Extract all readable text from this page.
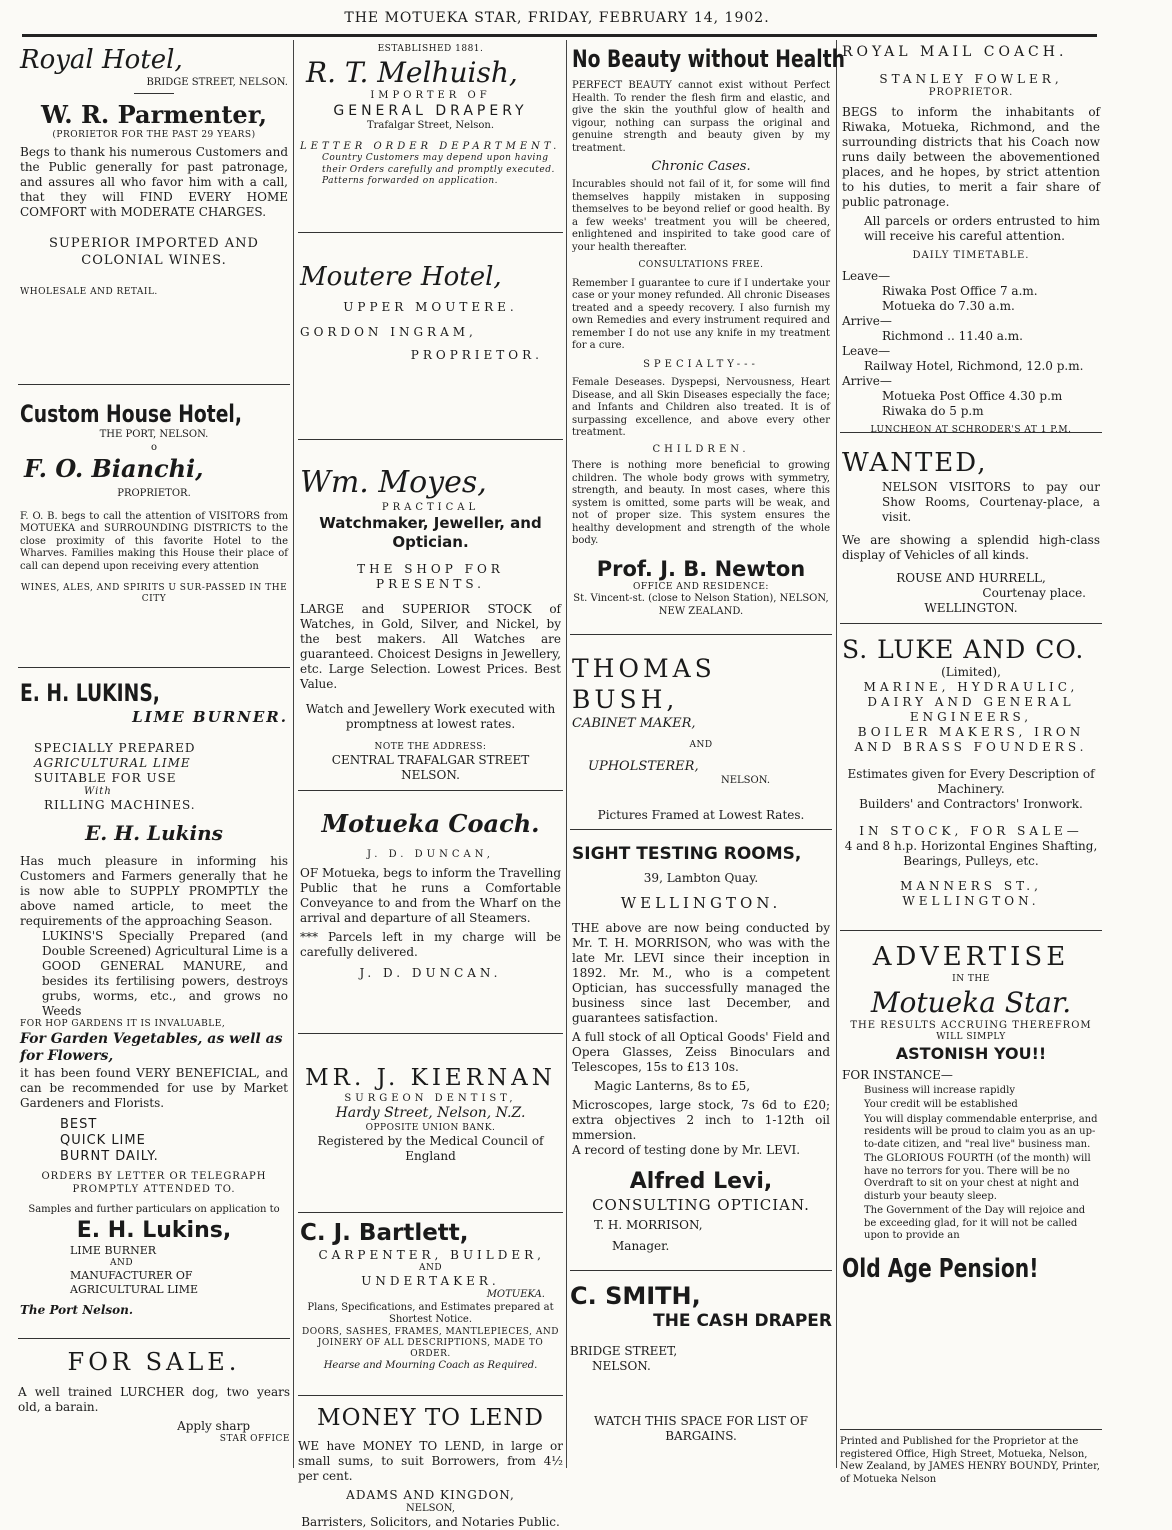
THE MOTUEKA STAR, FRIDAY, FEBRUARY 14, 1902.
Royal Hotel,
BRIDGE STREET, NELSON.
W. R. Parmenter,
(PRORIETOR FOR THE PAST 29 YEARS)
Begs to thank his numerous Customers and the Public generally for past patronage, and assures all who favor him with a call, that they will FIND EVERY HOME COMFORT with MODERATE CHARGES.
SUPERIOR IMPORTED AND COLONIAL WINES.
WHOLESALE AND RETAIL.
Custom House Hotel,
THE PORT, NELSON.
o
F. O. Bianchi,
PROPRIETOR.
F. O. B. begs to call the attention of VISITORS from MOTUEKA and SURROUNDING DISTRICTS to the close proximity of this favorite Hotel to the Wharves. Families making this House their place of call can depend upon receiving every attention
WINES, ALES, AND SPIRITS U SUR-PASSED IN THE CITY
E. H. LUKINS,
LIME BURNER.
SPECIALLY PREPARED
AGRICULTURAL LIME
SUITABLE FOR USE
With
RILLING MACHINES.
E. H. Lukins
Has much pleasure in informing his Customers and Farmers generally that he is now able to SUPPLY PROMPTLY the above named article, to meet the requirements of the approaching Season.
LUKINS'S Specially Prepared (and Double Screened) Agricultural Lime is a GOOD GENERAL MANURE, and besides its fertilising powers, destroys grubs, worms, etc., and grows no Weeds
FOR HOP GARDENS IT IS INVALUABLE,
For Garden Vegetables, as well as for Flowers,
it has been found VERY BENEFICIAL, and can be recommended for use by Market Gardeners and Florists.
BEST
QUICK LIME
BURNT DAILY.
ORDERS BY LETTER OR TELEGRAPH PROMPTLY ATTENDED TO.
Samples and further particulars on application to
E. H. Lukins,
LIME BURNER
AND
MANUFACTURER OF
AGRICULTURAL LIME
The Port Nelson.
FOR SALE.
A well trained LURCHER dog, two years old, a barain.
Apply sharp
STAR OFFICE
ESTABLISHED 1881.
R. T. Melhuish,
IMPORTER OF
GENERAL DRAPERY
Trafalgar Street, Nelson.
LETTER ORDER DEPARTMENT.
Country Customers may depend upon having their Orders carefully and promptly executed. Patterns forwarded on application.
Moutere Hotel,
UPPER MOUTERE.
GORDON INGRAM,
PROPRIETOR.
Wm. Moyes,
PRACTICAL
Watchmaker, Jeweller, and Optician.
THE SHOP FOR PRESENTS.
LARGE and SUPERIOR STOCK of Watches, in Gold, Silver, and Nickel, by the best makers. All Watches are guaranteed. Choicest Designs in Jewellery, etc. Large Selection. Lowest Prices. Best Value.
Watch and Jewellery Work executed with promptness at lowest rates.
NOTE THE ADDRESS:
CENTRAL TRAFALGAR STREET
NELSON.
Motueka Coach.
J. D. DUNCAN,
OF Motueka, begs to inform the Travelling Public that he runs a Comfortable Conveyance to and from the Wharf on the arrival and departure of all Steamers.
*** Parcels left in my charge will be carefully delivered.
J. D. DUNCAN.
MR. J. KIERNAN
SURGEON DENTIST,
Hardy Street, Nelson, N.Z.
OPPOSITE UNION BANK.
Registered by the Medical Council of England
C. J. Bartlett,
CARPENTER, BUILDER,
AND
UNDERTAKER.
MOTUEKA.
Plans, Specifications, and Estimates prepared at Shortest Notice.
DOORS, SASHES, FRAMES, MANTLEPIECES, AND JOINERY OF ALL DESCRIPTIONS, MADE TO ORDER.
Hearse and Mourning Coach as Required.
MONEY TO LEND
WE have MONEY TO LEND, in large or small sums, to suit Borrowers, from 4½ per cent.
ADAMS AND KINGDON,
NELSON,
Barristers, Solicitors, and Notaries Public.
No Beauty without Health
PERFECT BEAUTY cannot exist without Perfect Health. To render the flesh firm and elastic, and give the skin the youthful glow of health and vigour, nothing can surpass the original and genuine strength and beauty given by my treatment.
Chronic Cases.
Incurables should not fail of it, for some will find themselves happily mistaken in supposing themselves to be beyond relief or good health. By a few weeks' treatment you will be cheered, enlightened and inspirited to take good care of your health thereafter.
CONSULTATIONS FREE.
Remember I guarantee to cure if I undertake your case or your money refunded. All chronic Diseases treated and a speedy recovery. I also furnish my own Remedies and every instrument required and remember I do not use any knife in my treatment for a cure.
SPECIALTY---
Female Deseases. Dyspepsi, Nervousness, Heart Disease, and all Skin Diseases especially the face; and Infants and Children also treated. It is of surpassing excellence, and above every other treatment.
CHILDREN.
There is nothing more beneficial to growing children. The whole body grows with symmetry, strength, and beauty. In most cases, where this system is omitted, some parts will be weak, and not of proper size. This system ensures the healthy development and strength of the whole body.
Prof. J. B. Newton
OFFICE AND RESIDENCE:
St. Vincent-st. (close to Nelson Station), NELSON, NEW ZEALAND.
THOMAS BUSH,
CABINET MAKER,
AND
UPHOLSTERER,
NELSON.
Pictures Framed at Lowest Rates.
SIGHT TESTING ROOMS,
39, Lambton Quay.
WELLINGTON.
THE above are now being conducted by Mr. T. H. MORRISON, who was with the late Mr. LEVI since their inception in 1892. Mr. M., who is a competent Optician, has successfully managed the business since last December, and guarantees satisfaction.
A full stock of all Optical Goods' Field and Opera Glasses, Zeiss Binoculars and Telescopes, 15s to £13 10s.
Magic Lanterns, 8s to £5,
Microscopes, large stock, 7s 6d to £20; extra objectives 2 inch to 1-12th oil mmersion.
A record of testing done by Mr. LEVI.
Alfred Levi,
CONSULTING OPTICIAN.
T. H. MORRISON,
Manager.
C. SMITH,
THE CASH DRAPER
BRIDGE STREET,
NELSON.
WATCH THIS SPACE FOR LIST OF BARGAINS.
ROYAL MAIL COACH.
STANLEY FOWLER,
PROPRIETOR.
BEGS to inform the inhabitants of Riwaka, Motueka, Richmond, and the surrounding districts that his Coach now runs daily between the abovementioned places, and he hopes, by strict attention to his duties, to merit a fair share of public patronage.
All parcels or orders entrusted to him will receive his careful attention.
DAILY TIMETABLE.
Leave—
Riwaka Post Office 7 a.m.
Motueka do 7.30 a.m.
Arrive—
Richmond .. 11.40 a.m.
Leave—
Railway Hotel, Richmond, 12.0 p.m.
Arrive—
Motueka Post Office 4.30 p.m
Riwaka do 5 p.m
LUNCHEON AT SCHRODER'S AT 1 P.M.
WANTED,
NELSON VISITORS to pay our Show Rooms, Courtenay-place, a visit.
We are showing a splendid high-class display of Vehicles of all kinds.
ROUSE AND HURRELL,
Courtenay place.
WELLINGTON.
S. LUKE AND CO.
(Limited),
MARINE, HYDRAULIC, DAIRY AND GENERAL ENGINEERS,
BOILER MAKERS, IRON AND BRASS FOUNDERS.
Estimates given for Every Description of Machinery.
Builders' and Contractors' Ironwork.
IN STOCK, FOR SALE—
4 and 8 h.p. Horizontal Engines Shafting, Bearings, Pulleys, etc.
MANNERS ST., WELLINGTON.
ADVERTISE
IN THE
Motueka Star.
THE RESULTS ACCRUING THEREFROM
WILL SIMPLY
ASTONISH YOU!!
FOR INSTANCE—
Business will increase rapidly
Your credit will be established
You will display commendable enterprise, and residents will be proud to claim you as an up-to-date citizen, and "real live" business man.
The GLORIOUS FOURTH (of the month) will have no terrors for you. There will be no Overdraft to sit on your chest at night and disturb your beauty sleep.
The Government of the Day will rejoice and be exceeding glad, for it will not be called upon to provide an
Old Age Pension!
Printed and Published for the Proprietor at the registered Office, High Street, Motueka, Nelson, New Zealand, by JAMES HENRY BOUNDY, Printer, of Motueka Nelson
